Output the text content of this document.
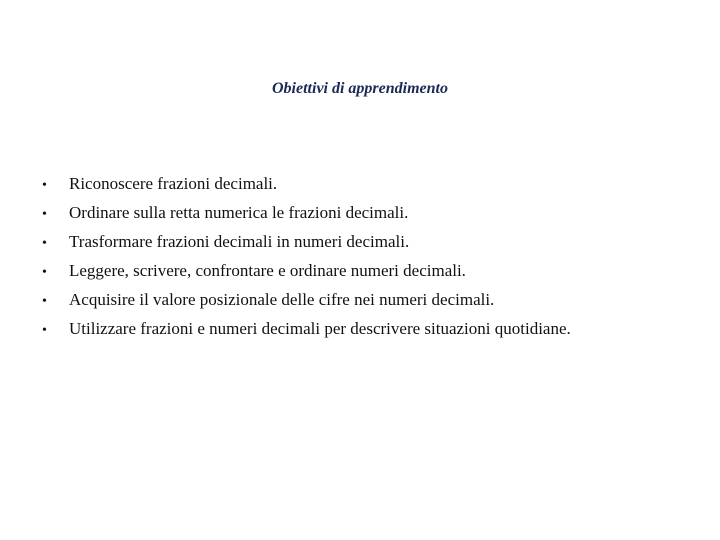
Obiettivi di apprendimento
•	Riconoscere frazioni decimali.
•	Ordinare sulla retta numerica le frazioni decimali.
•	Trasformare frazioni decimali in numeri decimali.
•	Leggere, scrivere, confrontare e ordinare numeri decimali.
•	Acquisire il valore posizionale delle cifre nei numeri decimali.
•	Utilizzare frazioni e numeri decimali per descrivere situazioni quotidiane.
